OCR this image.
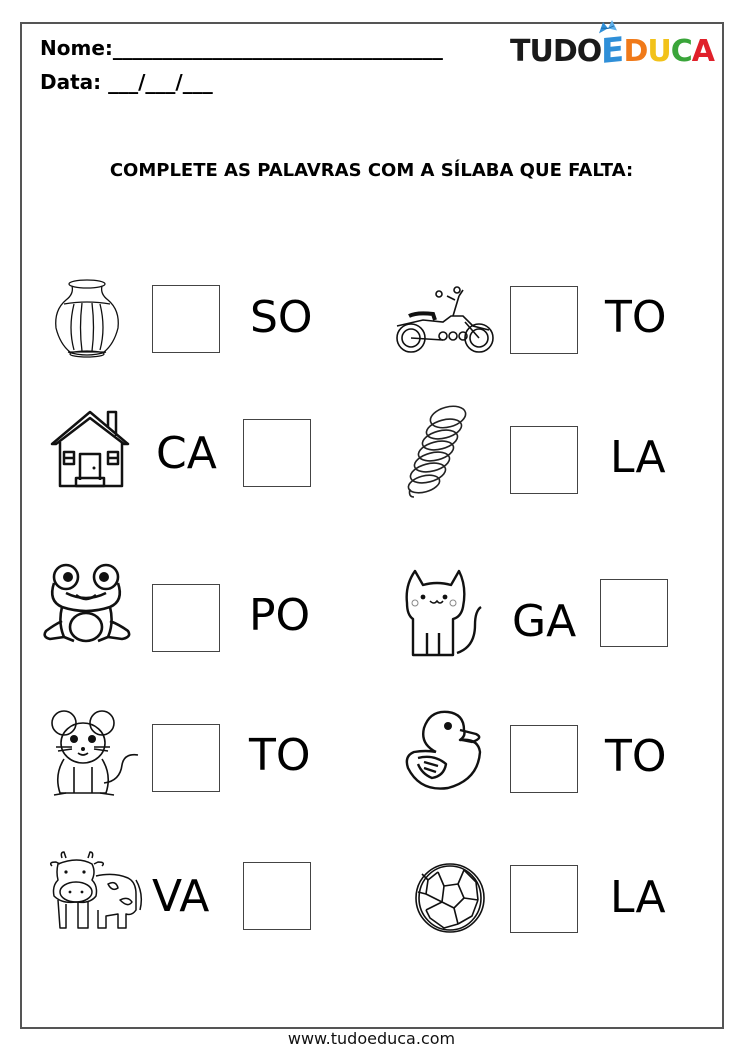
Nome:_________________________________
Data: ___/___/___
TUDO E D U C A
COMPLETE AS PALAVRAS COM A SÍLABA QUE FALTA:
SO	TO
CA	LA
PO	GA
TO	TO
VA	LA
www.tudoeduca.com
